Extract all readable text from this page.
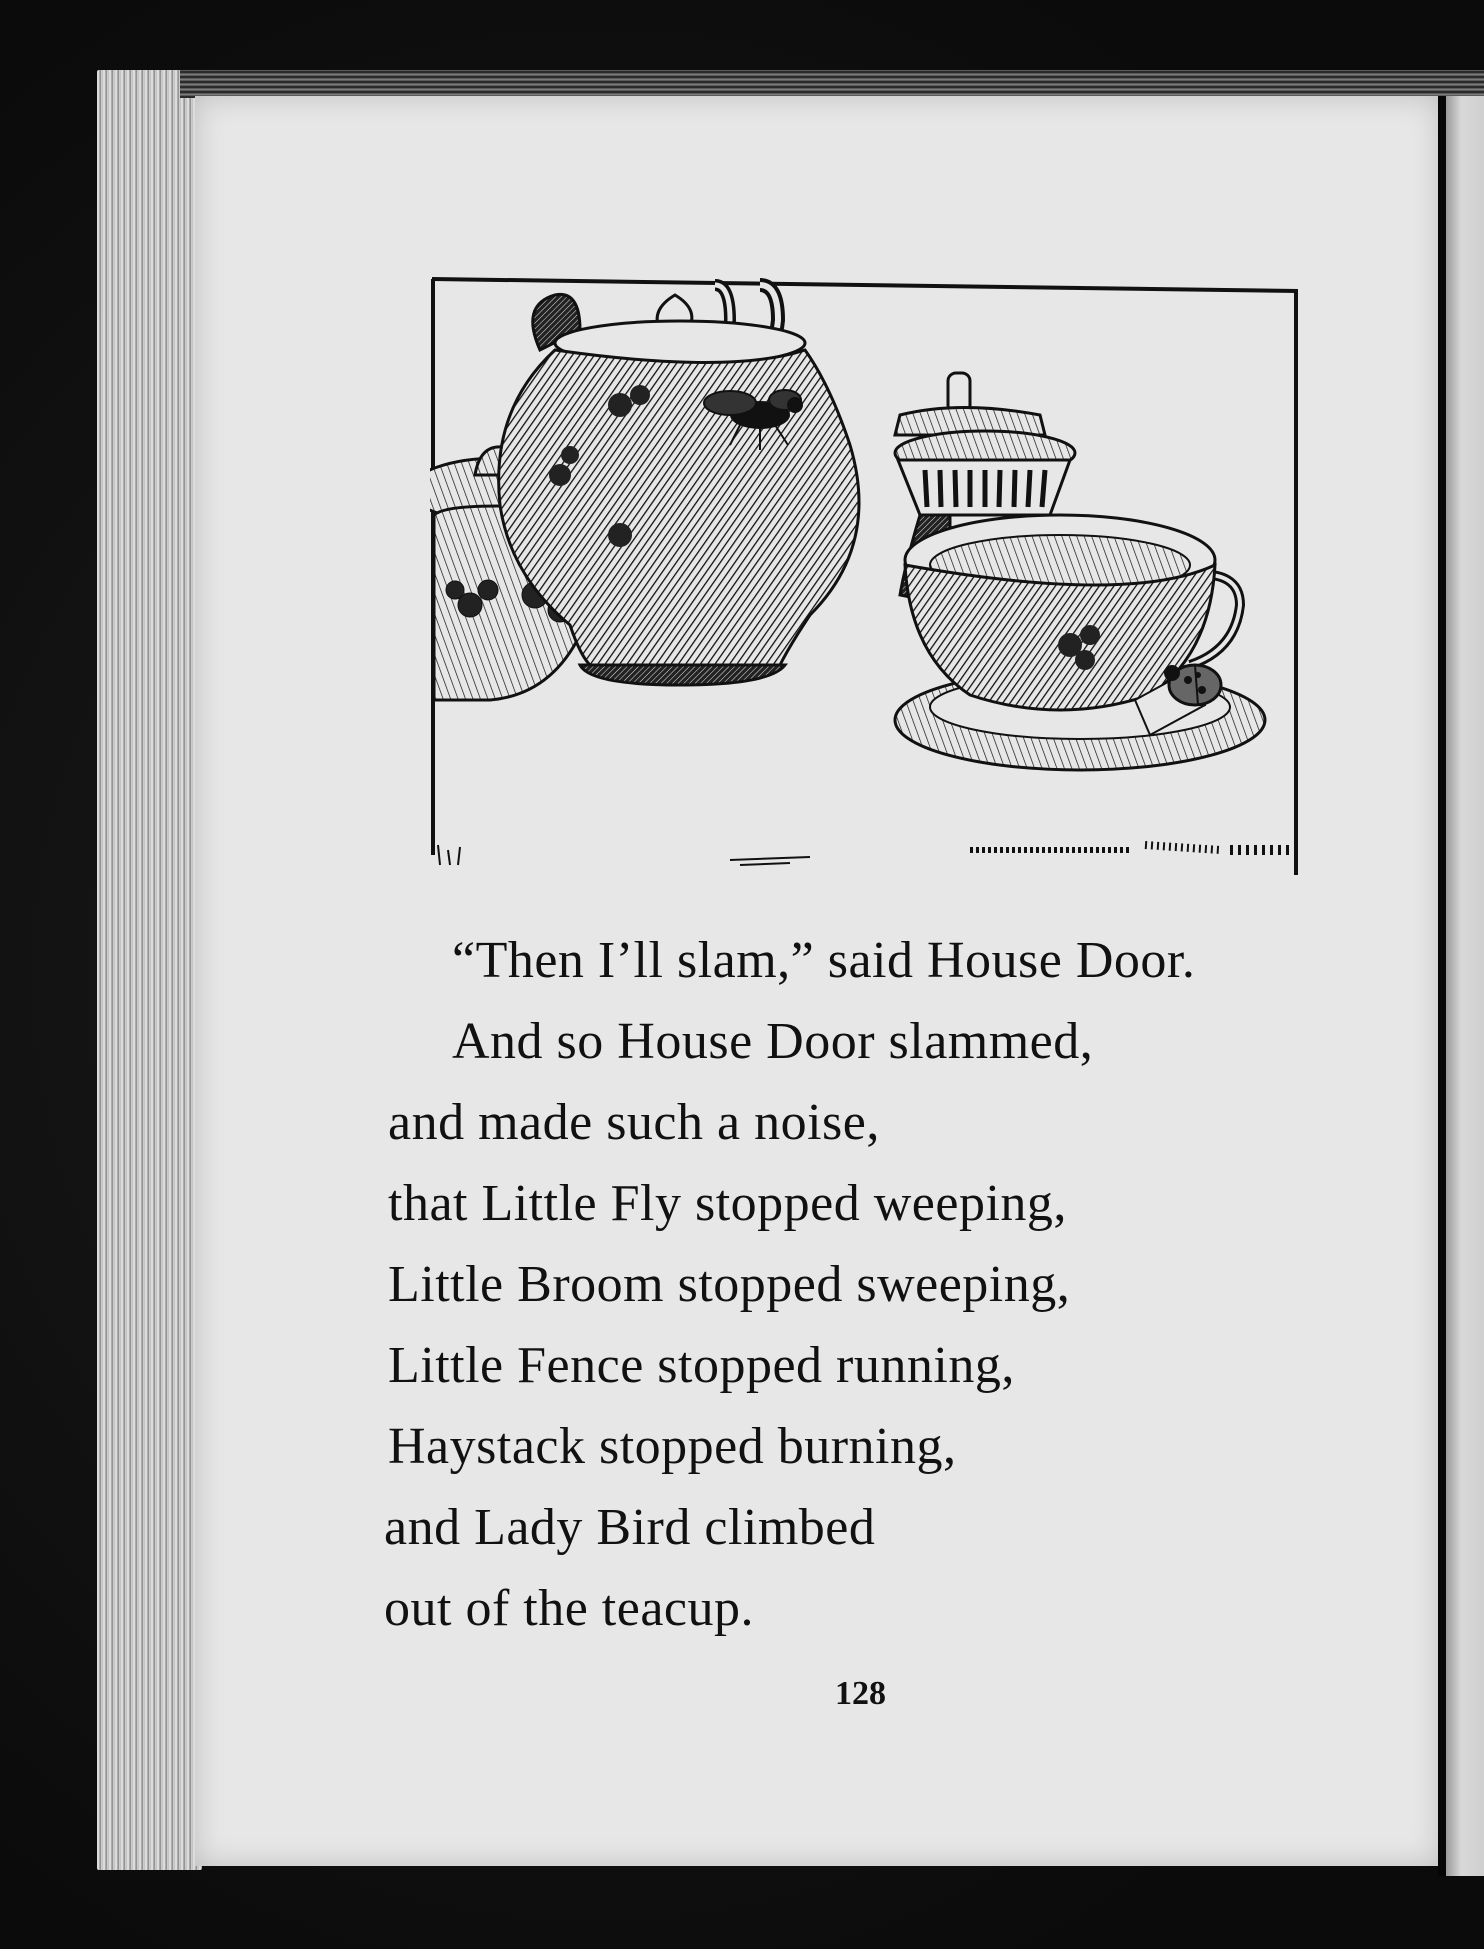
“Then I’ll slam,” said House Door.
And so House Door slammed,
and made such a noise,
that Little Fly stopped weeping,
Little Broom stopped sweeping,
Little Fence stopped running,
Haystack stopped burning,
and Lady Bird climbed
out of the teacup.
128
